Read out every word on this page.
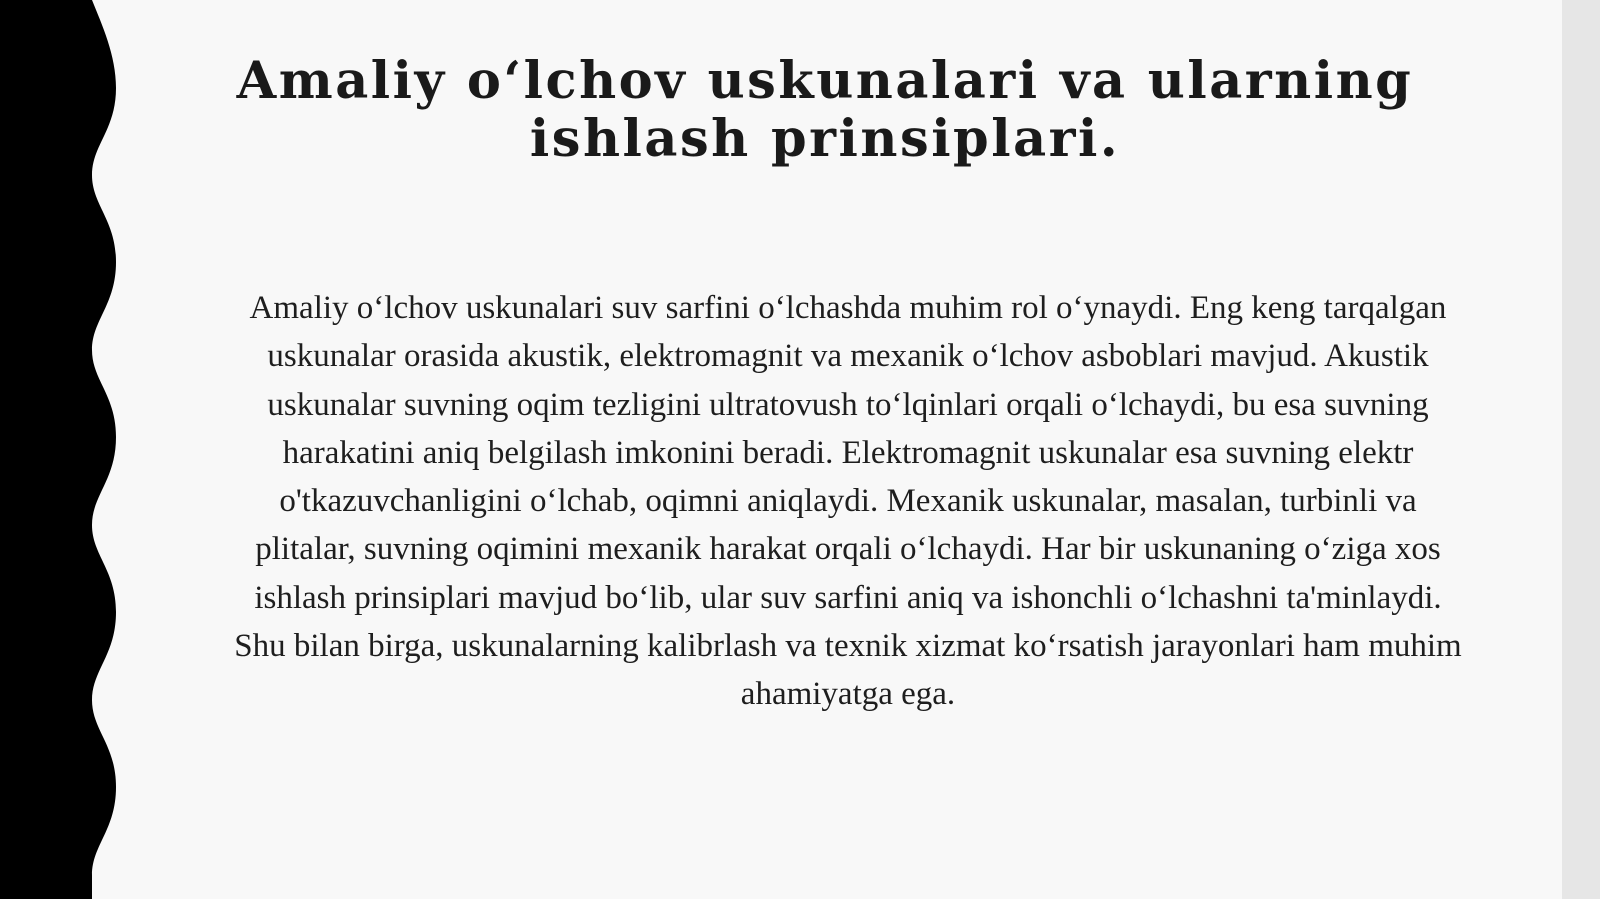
Amaliy o‘lchov uskunalari va ularning ishlash prinsiplari.

Amaliy o‘lchov uskunalari suv sarfini o‘lchashda muhim rol o‘ynaydi. Eng keng tarqalgan uskunalar orasida akustik, elektromagnit va mexanik o‘lchov asboblari mavjud. Akustik uskunalar suvning oqim tezligini ultratovush to‘lqinlari orqali o‘lchaydi, bu esa suvning harakatini aniq belgilash imkonini beradi. Elektromagnit uskunalar esa suvning elektr o'tkazuvchanligini o‘lchab, oqimni aniqlaydi. Mexanik uskunalar, masalan, turbinli va plitalar, suvning oqimini mexanik harakat orqali o‘lchaydi. Har bir uskunaning o‘ziga xos ishlash prinsiplari mavjud bo‘lib, ular suv sarfini aniq va ishonchli o‘lchashni ta'minlaydi. Shu bilan birga, uskunalarning kalibrlash va texnik xizmat ko‘rsatish jarayonlari ham muhim ahamiyatga ega.
